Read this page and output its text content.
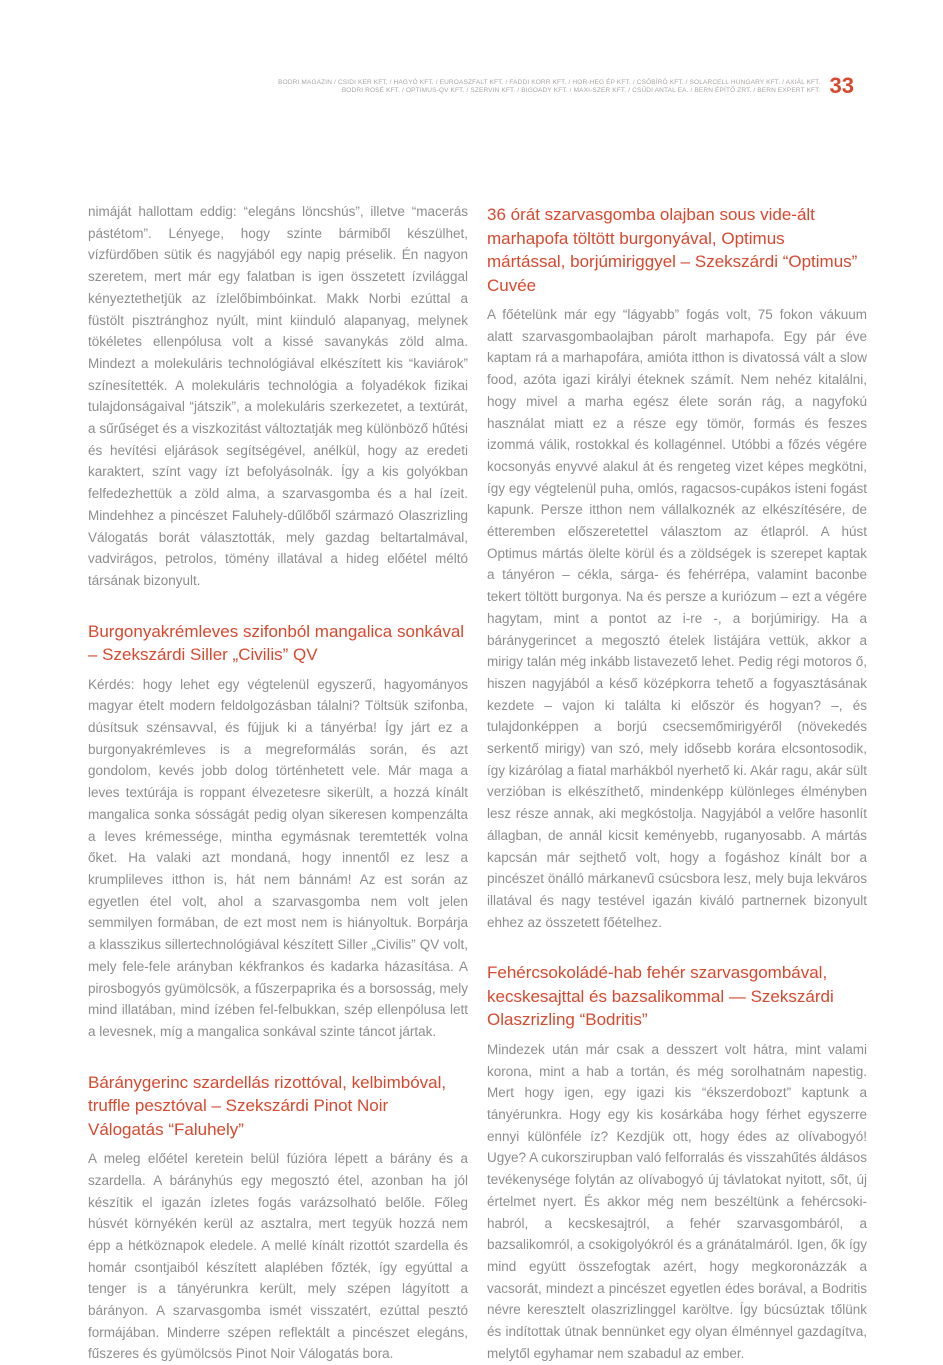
BODRI MAGAZIN / CSIDI KER KFT. / HAGYÓ KFT. / EUROASZFALT KFT. / FADDI KORR KFT. / HOR-HEG ÉP KFT. / CSŐBÍRÓ KFT. / SOLARCELL HUNGARY KFT. / AXIÁL KFT.
BODRI ROSÉ KFT. / OPTIMUS-QV KFT. / SZERVIN KFT. / BIGOADY KFT. / MAXI-SZER KFT. / CSŰDI ANTAL EA. / BERN ÉPÍTŐ ZRT. / BERN EXPERT KFT. 33

nimáját hallottam eddig: “elegáns löncshús”, illetve “macerás pástétom”. Lényege, hogy szinte bármiből készülhet, vízfürdőben sütik és nagyjából egy napig préselik. Én nagyon szeretem, mert már egy falatban is igen összetett ízvilággal kényeztethetjük az ízlelőbimbóinkat. Makk Norbi ezúttal a füstölt pisztránghoz nyúlt, mint kiinduló alapanyag, melynek tökéletes ellenpólusa volt a kissé savanykás zöld alma. Mindezt a molekuláris technológiával elkészített kis “kaviárok” színesítették. A molekuláris technológia a folyadékok fizikai tulajdonságaival “játszik”, a molekuláris szerkezetet, a textúrát, a sűrűséget és a viszkozitást változtatják meg különböző hűtési és hevítési eljárások segítségével, anélkül, hogy az eredeti karaktert, színt vagy ízt befolyásolnák. Így a kis golyókban felfedezhettük a zöld alma, a szarvasgomba és a hal ízeit. Mindehhez a pincészet Faluhely-dűlőből származó Olaszrizling Válogatás borát választották, mely gazdag beltartalmával, vadvirágos, petrolos, tömény illatával a hideg előétel méltó társának bizonyult.

Burgonyakrémleves szifonból mangalica sonkával – Szekszárdi Siller „Civilis” QV

Kérdés: hogy lehet egy végtelenül egyszerű, hagyományos magyar ételt modern feldolgozásban tálalni? Töltsük szifonba, dúsítsuk szénsavval, és fújjuk ki a tányérba! Így járt ez a burgonyakrémleves is a megreformálás során, és azt gondolom, kevés jobb dolog történhetett vele. Már maga a leves textúrája is roppant élvezetesre sikerült, a hozzá kínált mangalica sonka sósságát pedig olyan sikeresen kompenzálta a leves krémessége, mintha egymásnak teremtették volna őket. Ha valaki azt mondaná, hogy innentől ez lesz a krumplileves itthon is, hát nem bánnám! Az est során az egyetlen étel volt, ahol a szarvasgomba nem volt jelen semmilyen formában, de ezt most nem is hiányoltuk. Borpárja a klasszikus sillertechnológiával készített Siller „Civilis” QV volt, mely fele-fele arányban kékfrankos és kadarka házasítása. A pirosbogyós gyümölcsök, a fűszerpaprika és a borsosság, mely mind illatában, mind ízében fel-felbukkan, szép ellenpólusa lett a levesnek, míg a mangalica sonkával szinte táncot jártak.

Báránygerinc szardellás rizottóval, kelbimbóval, truffle pesztóval – Szekszárdi Pinot Noir Válogatás “Faluhely”

A meleg előétel keretein belül fúzióra lépett a bárány és a szardella. A bárányhús egy megosztó étel, azonban ha jól készítik el igazán ízletes fogás varázsolható belőle. Főleg húsvét környékén kerül az asztalra, mert tegyük hozzá nem épp a hétköznapok eledele. A mellé kínált rizottót szardella és homár csontjaiból készített alaplében főzték, így egyúttal a tenger is a tányérunkra került, mely szépen lágyított a bárányon. A szarvasgomba ismét visszatért, ezúttal pesztó formájában. Minderre szépen reflektált a pincészet elegáns, fűszeres és gyümölcsös Pinot Noir Válogatás bora.

36 órát szarvasgomba olajban sous vide-ált marhapofa töltött burgonyával, Optimus mártással, borjúmiriggyel – Szekszárdi “Optimus” Cuvée

A főételünk már egy “lágyabb” fogás volt, 75 fokon vákuum alatt szarvasgombaolajban párolt marhapofa. Egy pár éve kaptam rá a marhapofára, amióta itthon is divatossá vált a slow food, azóta igazi királyi éteknek számít. Nem nehéz kitalálni, hogy mivel a marha egész élete során rág, a nagyfokú használat miatt ez a része egy tömör, formás és feszes izommá válik, rostokkal és kollagénnel. Utóbbi a főzés végére kocsonyás enyvvé alakul át és rengeteg vizet képes megkötni, így egy végtelenül puha, omlós, ragacsos-cupákos isteni fogást kapunk. Persze itthon nem vállalkoznék az elkészítésére, de étteremben előszeretettel választom az étlapról. A húst Optimus mártás ölelte körül és a zöldségek is szerepet kaptak a tányéron – cékla, sárga- és fehérrépa, valamint baconbe tekert töltött burgonya. Na és persze a kuriózum – ezt a végére hagytam, mint a pontot az i-re -, a borjúmirigy. Ha a báránygerincet a megosztó ételek listájára vettük, akkor a mirigy talán még inkább listavezető lehet. Pedig régi motoros ő, hiszen nagyjából a késő középkorra tehető a fogyasztásának kezdete – vajon ki találta ki először és hogyan? –, és tulajdonképpen a borjú csecsemőmirigyéről (növekedés serkentő mirigy) van szó, mely idősebb korára elcsontosodik, így kizárólag a fiatal marhákból nyerhető ki. Akár ragu, akár sült verzióban is elkészíthető, mindenképp különleges élményben lesz része annak, aki megkóstolja. Nagyjából a velőre hasonlít állagban, de annál kicsit keményebb, ruganyosabb. A mártás kapcsán már sejthető volt, hogy a fogáshoz kínált bor a pincészet önálló márkanevű csúcsbora lesz, mely buja lekváros illatával és nagy testével igazán kiváló partnernek bizonyult ehhez az összetett főételhez.

Fehércsokoládé-hab fehér szarvasgombával, kecskesajttal és bazsalikommal — Szekszárdi Olaszrizling “Bodritis”

Mindezek után már csak a desszert volt hátra, mint valami korona, mint a hab a tortán, és még sorolhatnám napestig. Mert hogy igen, egy igazi kis “ékszerdobozt” kaptunk a tányérunkra. Hogy egy kis kosárkába hogy férhet egyszerre ennyi különféle íz? Kezdjük ott, hogy édes az olívabogyó! Ugye? A cukorszirupban való felforralás és visszahűtés áldásos tevékenysége folytán az olívabogyó új távlatokat nyitott, sőt, új értelmet nyert. És akkor még nem beszéltünk a fehércsoki-habról, a kecskesajtról, a fehér szarvasgombáról, a bazsalikomról, a csokigolyókról és a gránátalmáról. Igen, ők így mind együtt összefogtak azért, hogy megkoronázzák a vacsorát, mindezt a pincészet egyetlen édes borával, a Bodritis névre keresztelt olaszrizlinggel karöltve. Így búcsúztak tőlünk és indítottak útnak bennünket egy olyan élménnyel gazdagítva, melytől egyhamar nem szabadul az ember.
